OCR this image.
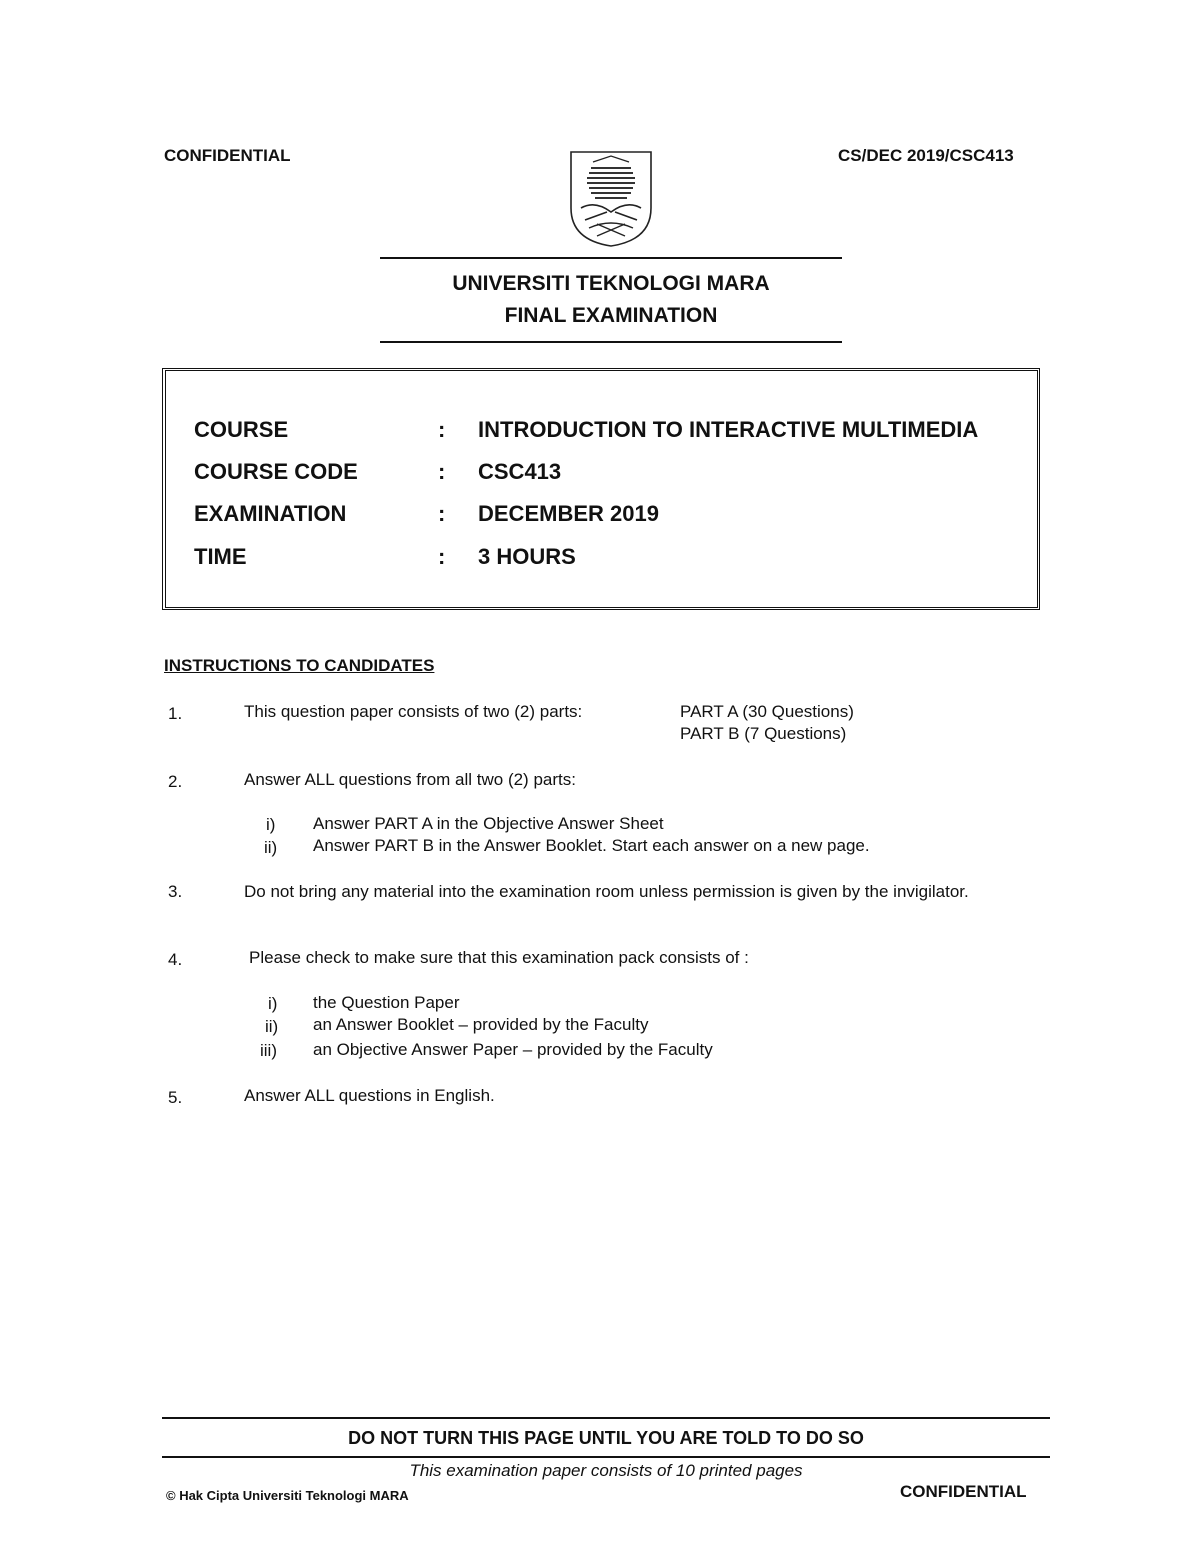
CONFIDENTIAL	CS/DEC 2019/CSC413
UNIVERSITI TEKNOLOGI MARA
FINAL EXAMINATION
COURSE	: INTRODUCTION TO INTERACTIVE MULTIMEDIA
COURSE CODE	: CSC413
EXAMINATION	: DECEMBER 2019
TIME	: 3 HOURS
INSTRUCTIONS TO CANDIDATES
1.	This question paper consists of two (2) parts:	PART A (30 Questions)
PART B (7 Questions)
2.	Answer ALL questions from all two (2) parts:
i) Answer PART A in the Objective Answer Sheet
ii) Answer PART B in the Answer Booklet. Start each answer on a new page.
3.	Do not bring any material into the examination room unless permission is given by the invigilator.
4.	Please check to make sure that this examination pack consists of :
i) the Question Paper
ii) an Answer Booklet – provided by the Faculty
iii) an Objective Answer Paper – provided by the Faculty
5.	Answer ALL questions in English.
DO NOT TURN THIS PAGE UNTIL YOU ARE TOLD TO DO SO
This examination paper consists of 10 printed pages
© Hak Cipta Universiti Teknologi MARA	CONFIDENTIAL
